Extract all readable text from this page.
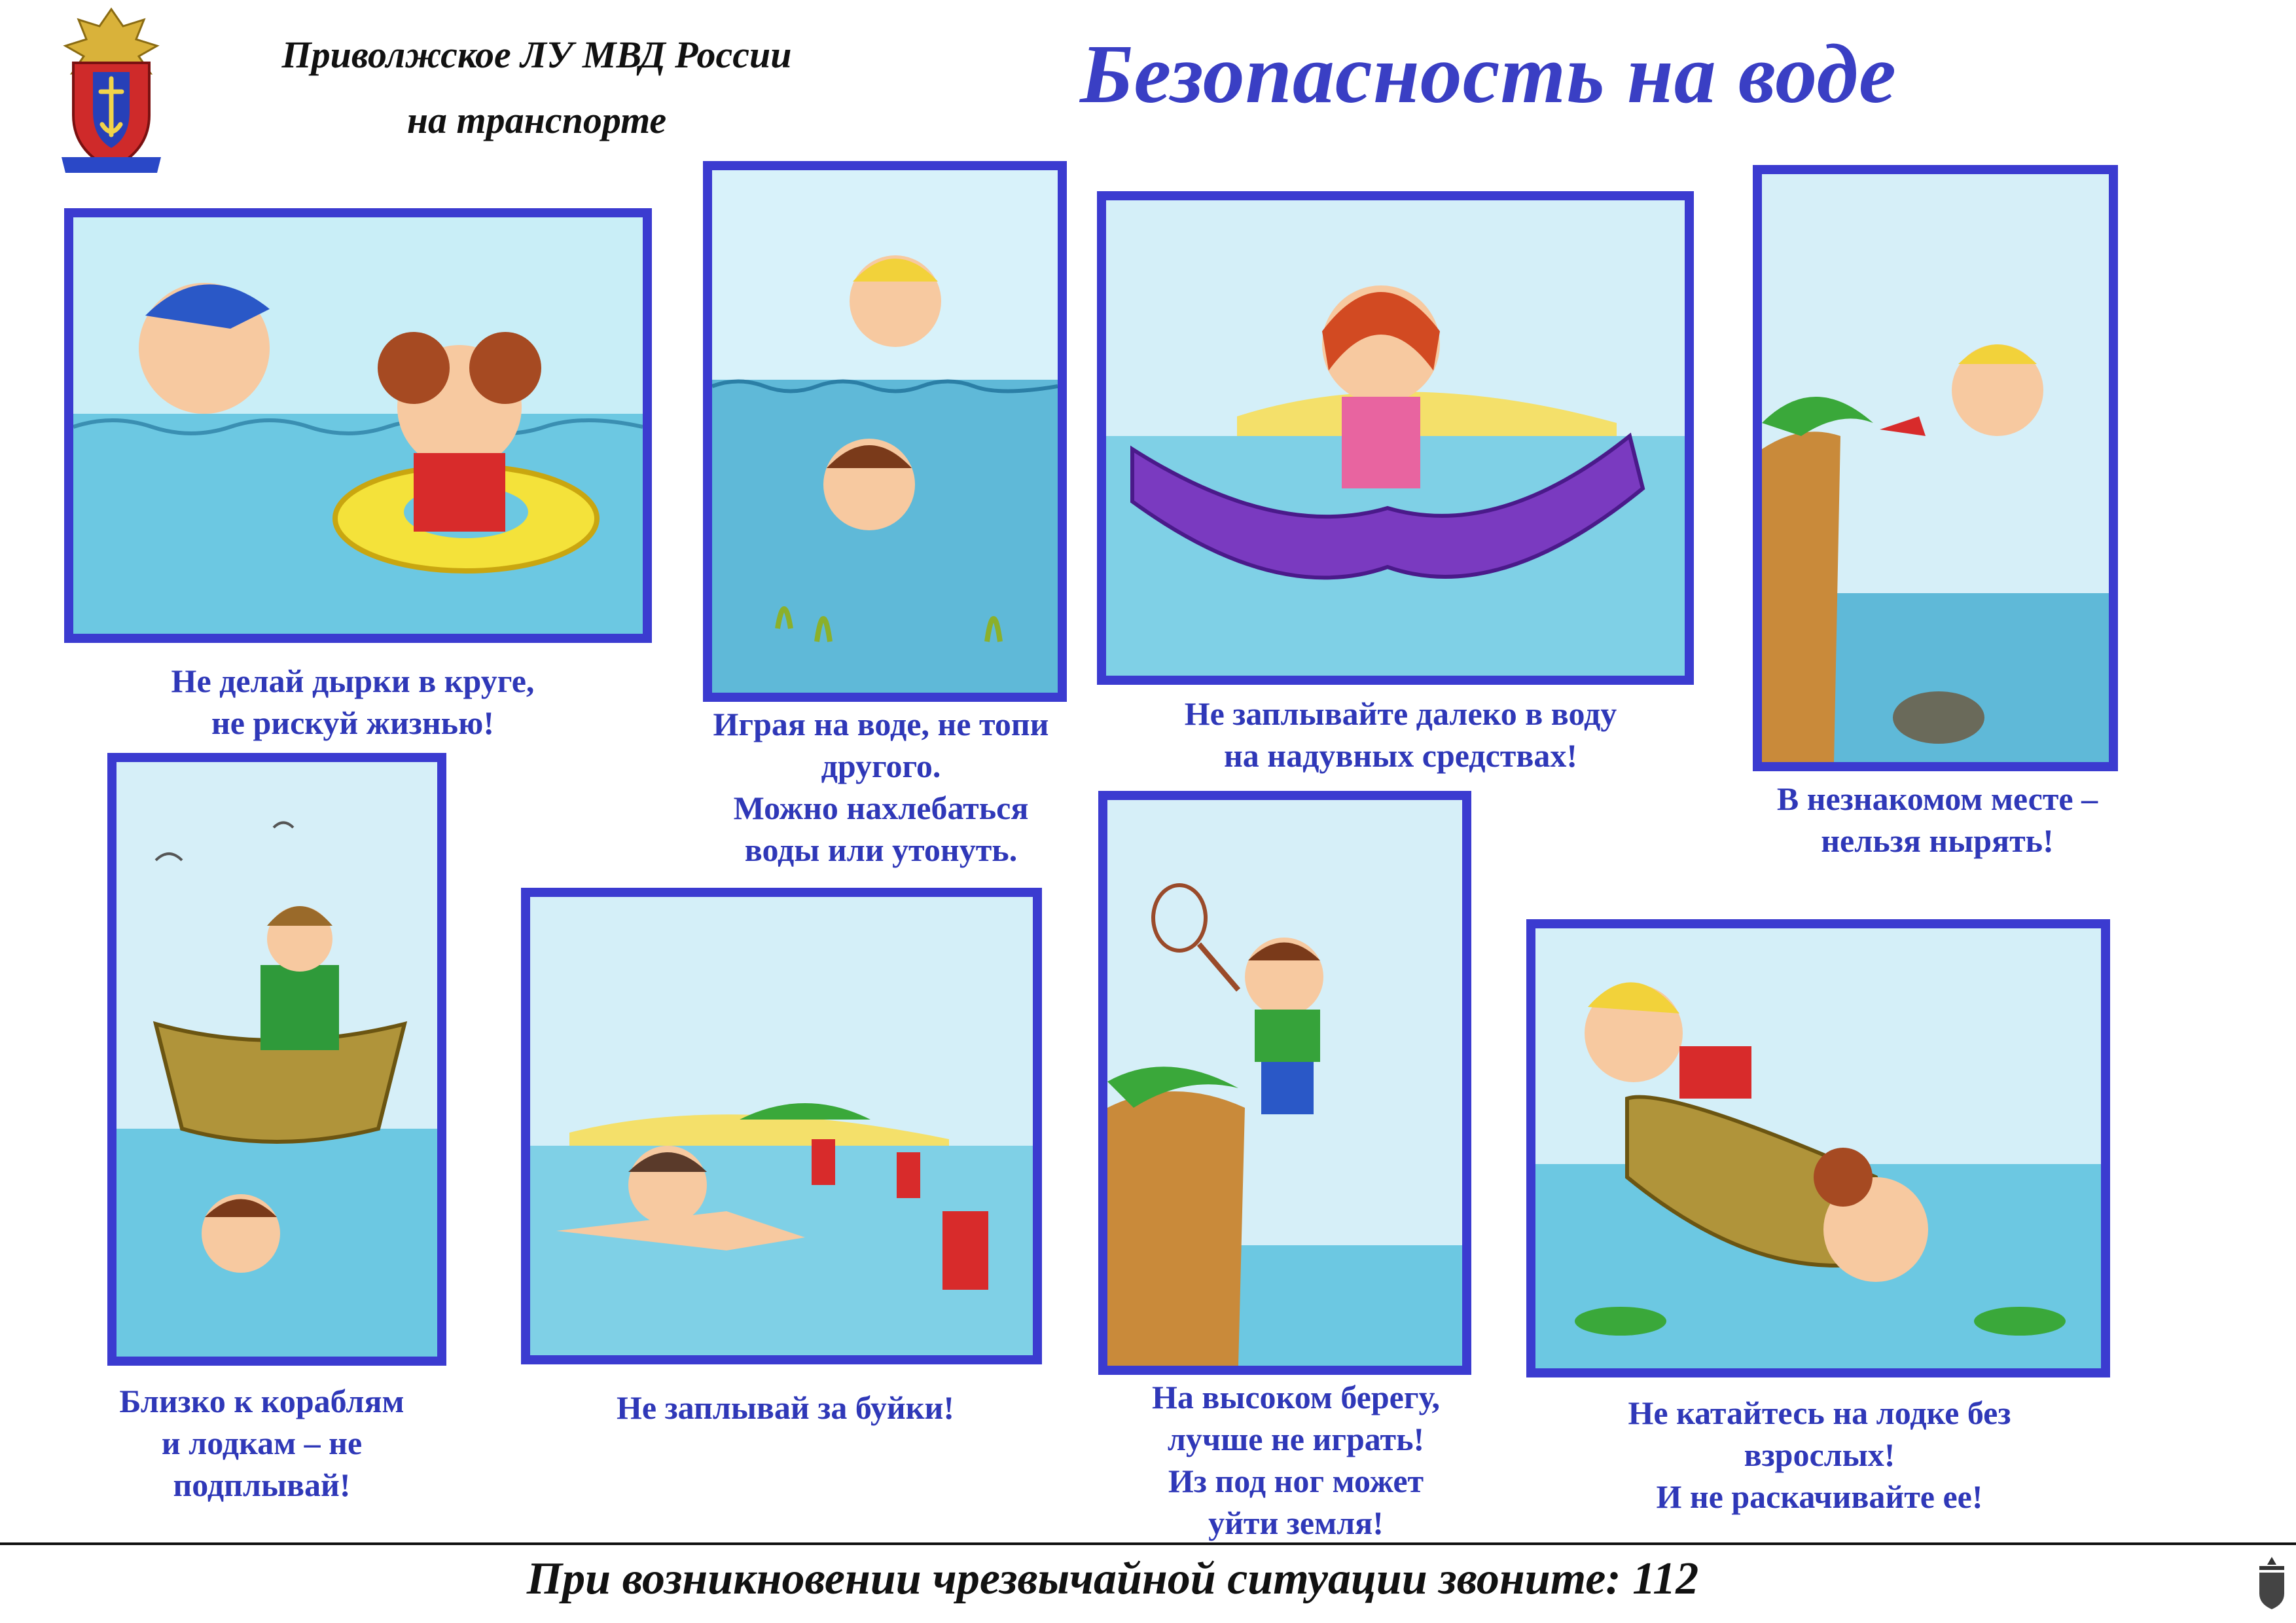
Приволжское ЛУ МВД России
на транспорте	Безопасность на воде
Не делай дырки в круге,
не рискуй жизнью!	Играя на воде, не топи
другого.
Можно нахлебаться
воды или утонуть.
Не заплывайте далеко в воду
на надувных средствах!
В незнакомом месте –
нельзя нырять!
Близко к кораблям
и лодкам – не
подплывай!
Не заплывай за буйки!	На высоком берегу,
лучше не играть!
Из под ног может
уйти земля!
Не катайтесь на лодке без
взрослых!
И не раскачивайте ее!
При возникновении чрезвычайной ситуации звоните: 112
